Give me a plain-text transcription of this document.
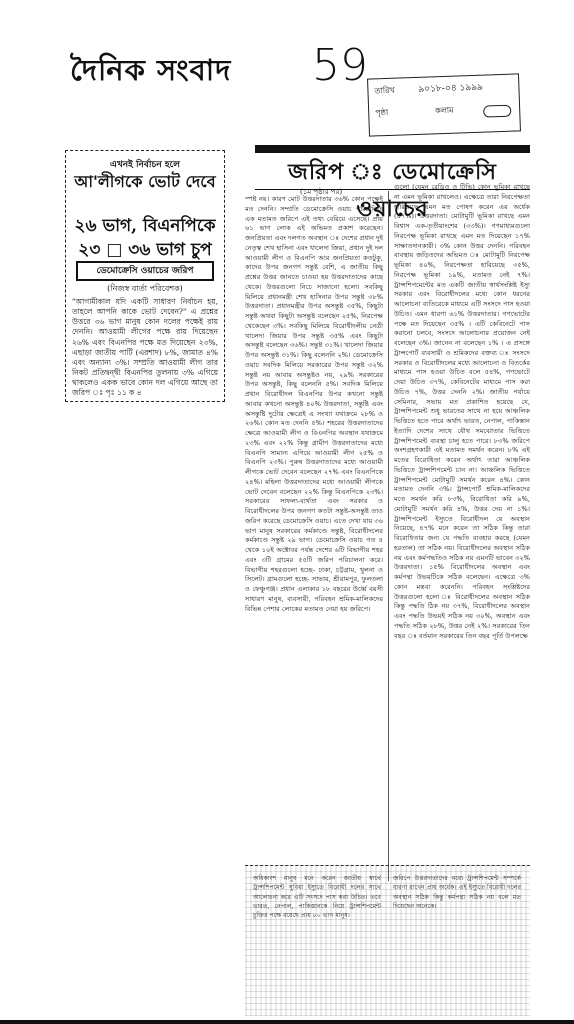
দৈনিক সংবাদ 59 তারিখ	৯০১৮-০৪ ১৯৯৯
পৃষ্ঠা	কলাম
এখনই নির্বাচন হলে
আ'লীগকে ভোট দেবে
২৬ ভাগ, বিএনপিকে
২৩ □ ৩৬ ভাগ চুপ
ডেমোক্রেসি ওয়াচের জরিপ
(নিজস্ব বার্তা পরিবেশক)
"আগামীকাল যদি একটি সাধারণ নির্বাচন হয়, তাহলে আপনি কাকে ভোট দেবেন?" এ প্রশ্নের উত্তরে ৩৬ ভাগ মানুষ কোন দলের পক্ষেই রায় দেননি। আওয়ামী লীগের পক্ষে রায় দিয়েছেন ২৬% এবং বিএনপির পক্ষে মত দিয়েছেন ২৩%, এছাড়া জাতীয় পার্টি (এরশাদ) ৮%, জামাত ৪% এবং অন্যান্য ৩%। সম্প্রতি আওয়ামী লীগ তার নিকট প্রতিদ্বন্দ্বী বিএনপির তুলনায় ৩% এগিয়ে থাকলেও একক ভাবে কোন দল এগিয়ে আছে তা জরিপ ঃ পৃঃ ১১ ক ৪
জরিপ ঃ ডেমোক্রেসি ওয়াচের
(১ম পৃষ্ঠার পর)
স্পষ্ট নয়। কারণ মোট উত্তরদাতার ৩৬% কোন পক্ষেই মত দেননি। সম্প্রতি ডেমোক্রেসি ওয়াচ পরিচালিত এক মতামত জরিপে এই তথ্য বেরিয়ে এসেছে। প্রায় ৬১ ভাগ লোক এই অভিমত প্রকাশ করেছেন। জনপ্রিয়তা এবং দলগত অবস্থান ঃ দেশের প্রধান দুই নেতৃত্ব শেখ হাসিনা এবং খালেদা জিয়া, প্রধান দুই দল আওয়ামী লীগ ও বিএনপি আর জনপ্রিয়তা কতটুকু, কাদের উপর জনগণ সন্তুষ্ট বেশি, এ জাতীয় কিছু প্রশ্নের উত্তর জানতে চাওয়া হয় উত্তরদাতাদের কাছে থেকে। উত্তরগুলো নিচে সাজানো হলো। সবকিছু মিলিয়ে প্রধানমন্ত্রী শেখ হাসিনার উপর সন্তুষ্ট ৩৮% উত্তরদাতা। প্রধানমন্ত্রীর উপর অসন্তুষ্ট ৩৫%, কিছুটা সন্তুষ্ট অথবা কিছুটা অসন্তুষ্ট বলেছেন ২৫%, নিরপেক্ষ থেকেছেন ৩%। সবকিছু মিলিয়ে বিরোধীদলীয় নেত্রী খালেদা জিয়ার উপর সন্তুষ্ট ৩৫% এবং কিছুটা অসন্তুষ্ট বলেছেন ৩৬%। সন্তুষ্ট ৩১%। খালেদা জিয়ার উপর অসন্তুষ্ট ৩১%। কিছু বলেননি ২%। ডেমোক্রেসি ওয়াচ সবদিক মিলিয়ে সরকারের উপর সন্তুষ্ট ৩২% সন্তুষ্ট নয় আবার অসন্তুষ্টও নয়, ২৯% সরকারের উপর অসন্তুষ্ট, কিছু বলেননি ৫%। সবদিক মিলিয়ে প্রধান বিরোধীদল বিএনপির উপর কখনো সন্তুষ্ট আবার কখনো অসন্তুষ্ট ৪০% উত্তরদাতা, সন্তুষ্টি এবং অসন্তুষ্টি দুটোর ক্ষেত্রেই এ সংখ্যা যথাক্রমে ২৮% ও ২৬%। কোন মত দেননি ৫%। শহরের উত্তরদাতাদের ক্ষেত্রে আওয়ামী লীগ ও বিএনপির অবস্থান যথাক্রমে ২৩% এবং ২২% কিন্তু গ্রামীণ উত্তরদাতাদের মধ্যে বিএনপি সামান্য এগিয়ে আওয়ামী লীগ ২৫% ও বিএনপি ২৩%। পুরুষ উত্তরদাতাদের মধ্যে আওয়ামী লীগকে ভোট দেবেন বলেছেন ২৭% এবং বিএনপিকে ২৪%। মহিলা উত্তরদাতাদের মধ্যে আওয়ামী লীগকে ভোট দেবেন বলেছেন ২২% কিন্তু বিএনপিকে ২৩%। সরকারের সাফল্য-ব্যর্থতা এবং সরকার ও বিরোধীদলের উপর জনগণ কতটা সন্তুষ্ট-অসন্তুষ্ট তাও জরিপ করেছে ডেমোক্রেসি ওয়াচ। এতে দেখা যায় ৩৬ ভাগ মানুষ সরকারের কর্মকাণ্ডে সন্তুষ্ট, বিরোধীদলের কর্মকাণ্ডে সন্তুষ্ট ২৯ ভাগ। ডেমোক্রেসি ওয়াচ গত ৪ থেকে ১০ই অক্টোবর পর্যন্ত দেশের ৬টি বিভাগীয় শহর এবং ৩টি গ্রামের ৫৫টি জরিপ পরিচালনা করে। বিভাগীয় শহরগুলো হচ্ছে- ঢাকা, চট্টগ্রাম, খুলনা ও সিলেট। গ্রামগুলো হচ্ছে- সাভার, শ্রীরামপুর, ফুলতলা ও ফেঞ্চুগঞ্জ। প্রধান এলাকার ১৮ বছরের উর্ধ্বে বয়সী সাধারণ মানুষ, ব্যবসায়ী, পরিবহন শ্রমিক-মালিকদের বিভিন্ন পেশার লোকের মতামত নেয়া হয় জরিপে।
গুলো (যেমন রেডিও ও টিভি) কোন ভূমিকা রাখছে না এমন ভূমিকা রাখলেও। এক্ষেত্রে তারা নিরপেক্ষতা হারিয়েছে এমন মত পোষণ করেন এর অর্ধেক (৪৭%)। উত্তরদাতা। মোটামুটি ভূমিকা রাখছে এমন বিশ্বাস এক-তৃতীয়াংশের (৩৩%)। গণমাধ্যমগুলো নিরপেক্ষ ভূমিকা রাখছে এমন মত দিয়েছেন ১৭% সাক্ষাতদানকারী। ৩% কোন উত্তর দেননি। পরিবহন ব্যবস্থায় জড়িতদের অভিমত ঃ মোটামুটি নিরপেক্ষ ভূমিকা ৪০%, নিরপেক্ষতা হারিয়েছে ৩৫%, নিরপেক্ষ ভূমিকা ১৯%, মতামত নেই ৭%। ট্রান্সশিপমেন্টের মত একটি জাতীয় স্বার্থসংশ্লিষ্ট ইস্যু সরকার এবং বিরোধীদলের মধ্যে কোন ধরনের আলোচনা ব্যতিরেকে মাধ্যমে এটি সংসদে পাস হওয়া উচিত। এমন ধারণা ৬১% উত্তরদাতার। গণভোটের পক্ষে মত দিয়েছেন ৩৫% । এটি কেবিনেটে পাস করানো চলবে, সংসদে আলোচনার প্রয়োজন নেই বলেছেন ৩%। জানেন না বলেছেন ১% । এ প্রসঙ্গে ট্রান্সপোর্ট ব্যবসায়ী ও শ্রমিকদের বক্তব্য ঃ সংসদে সরকার ও বিরোধীদলের মধ্যে আলোচনা ও বিতর্কের মাধ্যমে পাস হওয়া উচিত বলে ৫৪%, গণভোটে দেয়া উচিত ৩৭%, কেবিনেটের মাধ্যমে পাস করা উচিত ৭%, উত্তর দেননি ২%। জাতীয় পর্যায়ে সেমিনার, সভায় মত প্রকাশিত হয়েছে যে, ট্রান্সশিপমেন্ট শুধু ভারতের সাথে না হয়ে আঞ্চলিক ভিত্তিতে হতে পারে অর্থাৎ ভারত, নেপাল, পাকিস্তান ইত্যাদি দেশের সাথে যৌথ সমঝোতার ভিত্তিতে ট্রান্সশিপমেন্ট ব্যবস্থা চালু হতে পারে। ৮৩% জরিপে অংশগ্রহণকারী এই মতামত সমর্থন করেন। ৮% এই মতের বিরোধিতা করেন অর্থাৎ তারা আঞ্চলিক ভিত্তিতে ট্রান্সশিপমেন্ট চান না। আঞ্চলিক ভিত্তিতে ট্রান্সশিপমেন্ট মোটামুটি সমর্থন করেন ৪%। কোন মতামত দেননি ৩%। ট্রান্সপোর্ট শ্রমিক-মালিকদের মতে সমর্থন করি ৮৩%, বিরোধিতা করি ৯%, মোটামুটি সমর্থন করি ৪%, উত্তর দেয় না ১%। ট্রান্সশিপমেন্ট ইস্যুতে বিরোধীদল যে অবস্থান নিয়েছে, ৪৭% মনে করেন তা সঠিক কিন্তু তারা বিরোধিতার জন্য যে পদ্ধতি ব্যবহার করছে (যেমন হরতাল) তা সঠিক নয়। বিরোধীদলের অবস্থান সঠিক নয় এবং কর্মপদ্ধতিও সঠিক নয় এমনটি ভাবেন ৩২% উত্তরদাতা। ১৫% বিরোধীদলের অবস্থান এবং কর্মপন্থা উভয়টিকে সঠিক বলেছেন। এক্ষেত্রে ৩% কোন মন্তব্য করেননি। পরিবহন সংশ্লিষ্টদের উত্তরগুলো হলো ঃ বিরোধীদলের অবস্থান সঠিক কিন্তু পদ্ধতি ঠিক নয় ৩৭%, বিরোধীদলের অবস্থান এবং পদ্ধতি উভয়ই সঠিক নয় ৩০%, অবস্থান এবং পদ্ধতি সঠিক ২৮%, উত্তর নেই ২%। সরকারের তিন বছর ঃ বর্তমান সরকারের তিন বছর পূর্তি উপলক্ষে
অধিকাংশ মানুষ মনে করেন জাতীয় স্বার্থে ট্রান্সশিপমেন্ট সুবিধা ইস্যুতে বিরোধী দলের সাথে আলোচনা করে এটি সংসদে পাস করা উচিত। তবে ভারত, নেপাল, পাকিস্তানকে নিয়ে ট্রান্সশিপমেন্ট চুক্তির পক্ষে রয়েছে প্রায় ৮০ ভাগ মানুষ।
জরিপে উত্তরদাতাদের মধ্যে ট্রান্সশিপমেন্ট সম্পর্কে ধারণা রাখেন প্রায় অর্ধেক। এই ইস্যুতে বিরোধী দলের অবস্থান সঠিক কিন্তু কর্মপন্থা সঠিক নয় বলে মত দিয়েছেন অনেকে।
